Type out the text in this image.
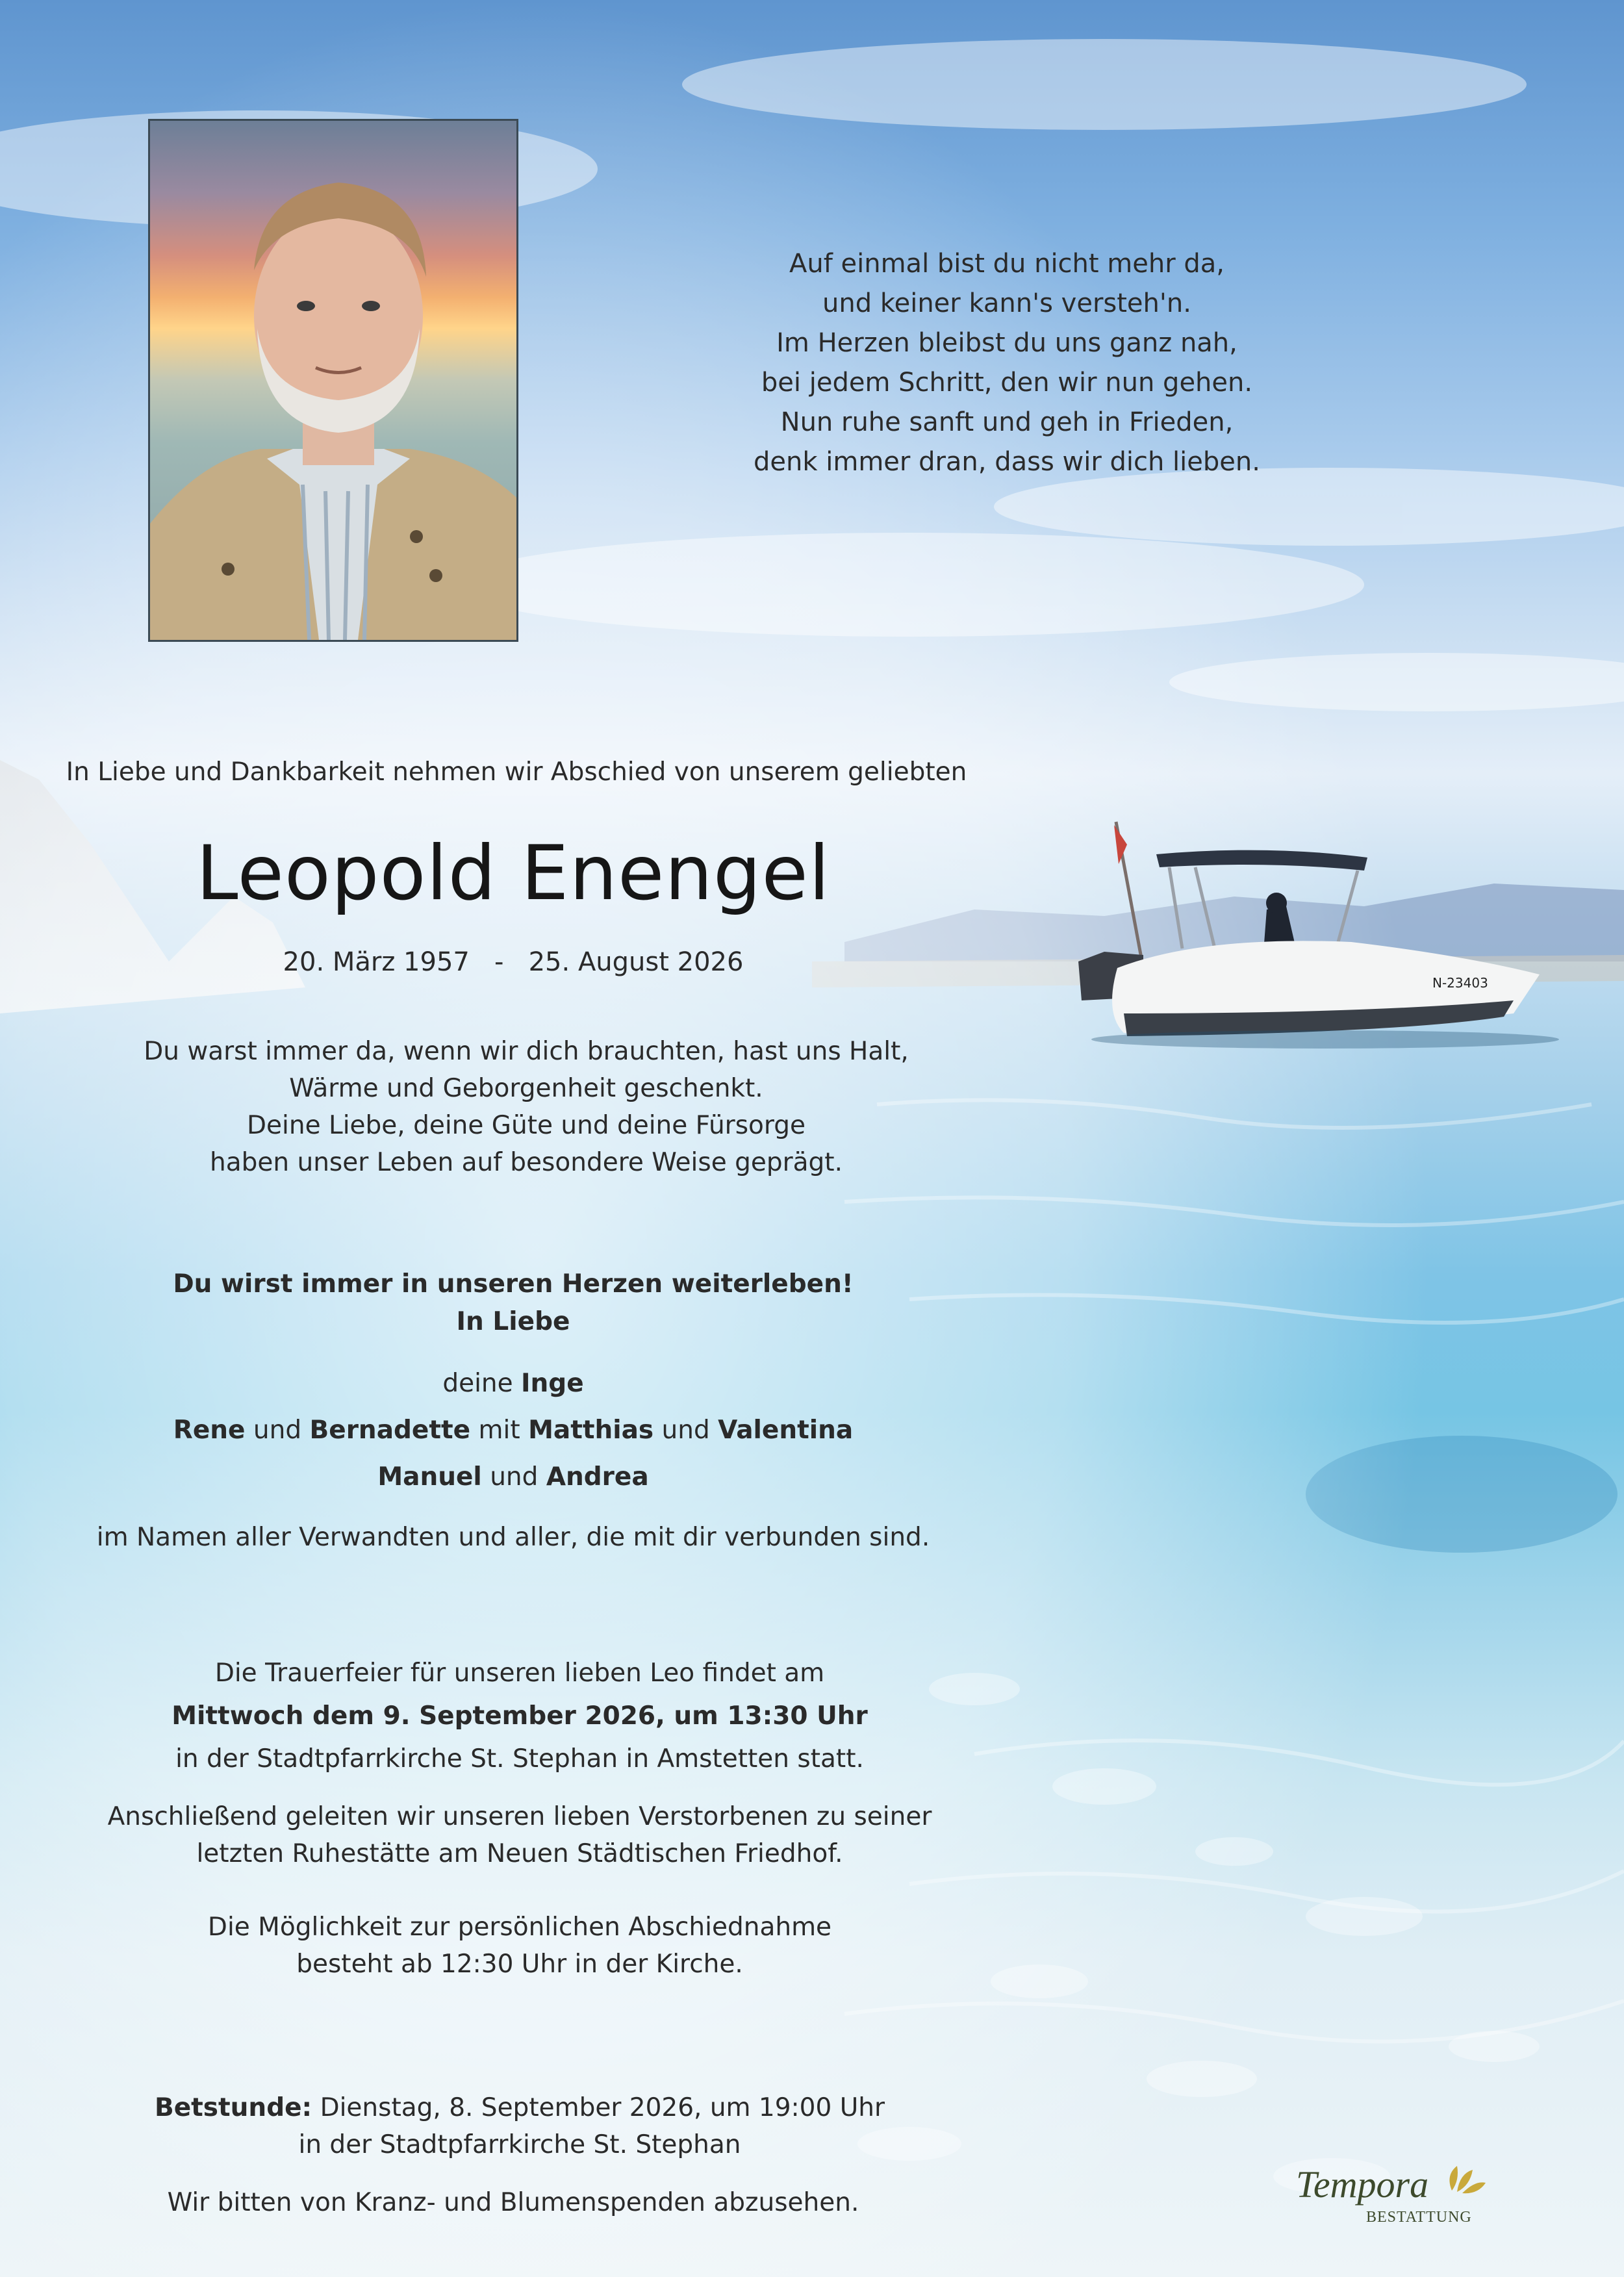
N-23403
Auf einmal bist du nicht mehr da,
und keiner kann's versteh'n.
Im Herzen bleibst du uns ganz nah,
bei jedem Schritt, den wir nun gehen.
Nun ruhe sanft und geh in Frieden,
denk immer dran, dass wir dich lieben.
In Liebe und Dankbarkeit nehmen wir Abschied von unserem geliebten
Leopold Enengel
20. März 1957 - 25. August 2026
Du warst immer da, wenn wir dich brauchten, hast uns Halt,
Wärme und Geborgenheit geschenkt.
Deine Liebe, deine Güte und deine Fürsorge
haben unser Leben auf besondere Weise geprägt.
Du wirst immer in unseren Herzen weiterleben!
In Liebe
deine Inge
Rene und Bernadette mit Matthias und Valentina
Manuel und Andrea
im Namen aller Verwandten und aller, die mit dir verbunden sind.
Die Trauerfeier für unseren lieben Leo findet am
Mittwoch dem 9. September 2026, um 13:30 Uhr
in der Stadtpfarrkirche St. Stephan in Amstetten statt.
Anschließend geleiten wir unseren lieben Verstorbenen zu seiner
letzten Ruhestätte am Neuen Städtischen Friedhof.
Die Möglichkeit zur persönlichen Abschiednahme
besteht ab 12:30 Uhr in der Kirche.
Betstunde: Dienstag, 8. September 2026, um 19:00 Uhr
in der Stadtpfarrkirche St. Stephan
Wir bitten von Kranz- und Blumenspenden abzusehen.	Tempora
BESTATTUNG
